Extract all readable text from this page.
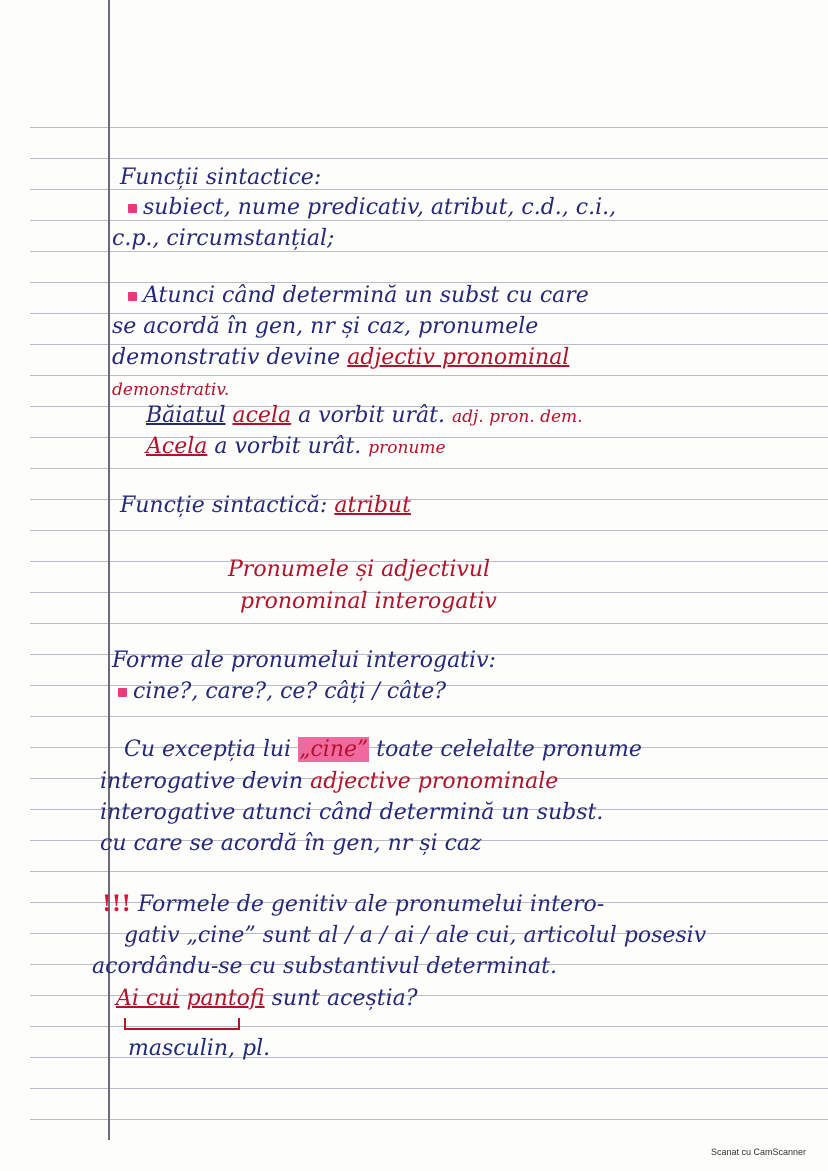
Funcții sintactice:
subiect, nume predicativ, atribut, c.d., c.i.,
c.p., circumstanțial;
Atunci când determină un subst cu care
se acordă în gen, nr și caz, pronumele
demonstrativ devine adjectiv pronominal
demonstrativ.
Băiatul acela a vorbit urât. adj. pron. dem.
Acela a vorbit urât. pronume
Funcție sintactică: atribut
Pronumele și adjectivul
pronominal interogativ
Forme ale pronumelui interogativ:
cine?, care?, ce? câți / câte?
Cu excepția lui „cine” toate celelalte pronume
interogative devin adjective pronominale
interogative atunci când determină un subst.
cu care se acordă în gen, nr și caz
!!! Formele de genitiv ale pronumelui intero-
gativ „cine” sunt al / a / ai / ale cui, articolul posesiv
acordându-se cu substantivul determinat.
Ai cui pantofi sunt aceștia?
masculin, pl.
Scanat cu CamScanner
